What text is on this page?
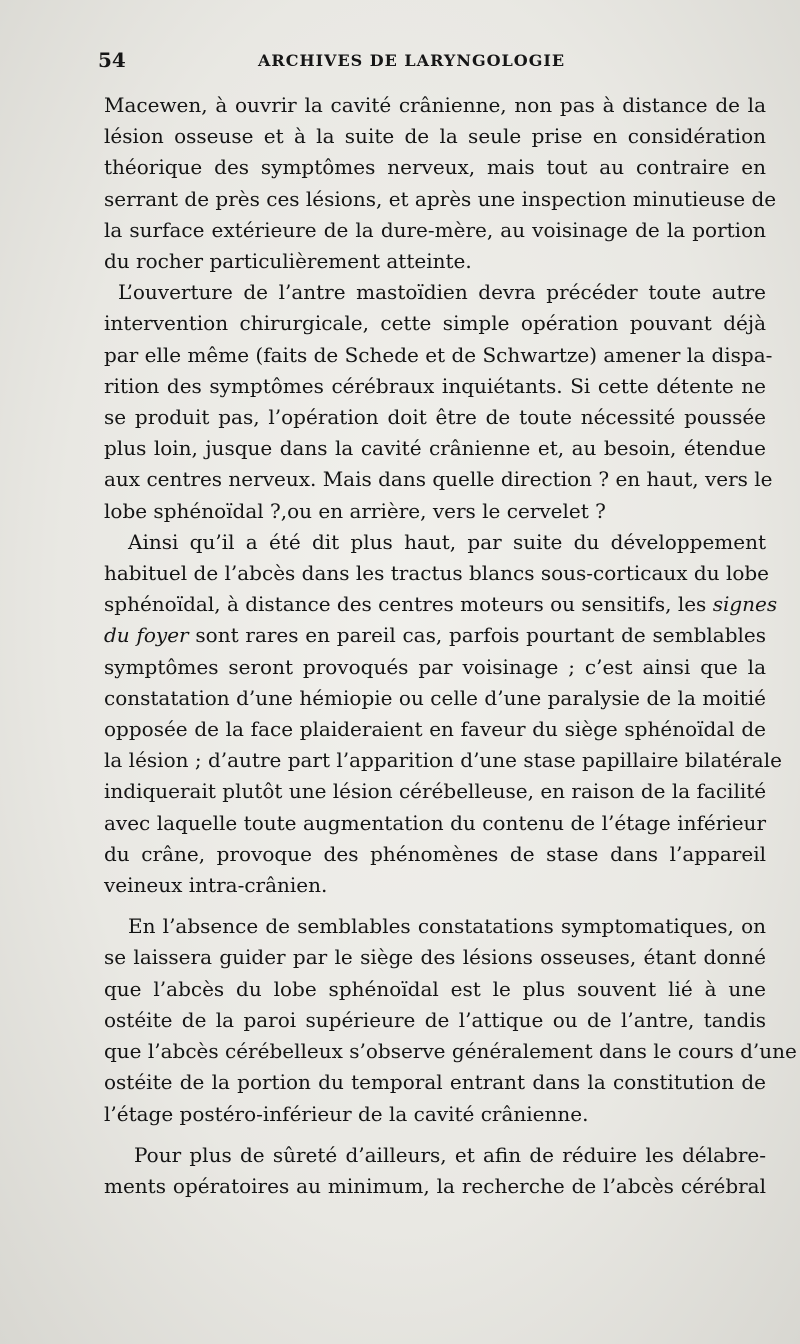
54	ARCHIVES DE LARYNGOLOGIE

Macewen, à ouvrir la cavité crânienne, non pas à distance de la
lésion osseuse et à la suite de la seule prise en considération
théorique des symptômes nerveux, mais tout au contraire en
serrant de près ces lésions, et après une inspection minutieuse de
la surface extérieure de la dure-mère, au voisinage de la portion
du rocher particulièrement atteinte.

L’ouverture de l’antre mastoïdien devra précéder toute autre
intervention chirurgicale, cette simple opération pouvant déjà
par elle même (faits de Schede et de Schwartze) amener la dispa-
rition des symptômes cérébraux inquiétants. Si cette détente ne
se produit pas, l’opération doit être de toute nécessité poussée
plus loin, jusque dans la cavité crânienne et, au besoin, étendue
aux centres nerveux. Mais dans quelle direction ? en haut, vers le
lobe sphénoïdal ?,ou en arrière, vers le cervelet ?

Ainsi qu’il a été dit plus haut, par suite du développement
habituel de l’abcès dans les tractus blancs sous-corticaux du lobe
sphénoïdal, à distance des centres moteurs ou sensitifs, les signes
du foyer sont rares en pareil cas, parfois pourtant de semblables
symptômes seront provoqués par voisinage ; c’est ainsi que la
constatation d’une hémiopie ou celle d’une paralysie de la moitié
opposée de la face plaideraient en faveur du siège sphénoïdal de
la lésion ; d’autre part l’apparition d’une stase papillaire bilatérale
indiquerait plutôt une lésion cérébelleuse, en raison de la facilité
avec laquelle toute augmentation du contenu de l’étage inférieur
du crâne, provoque des phénomènes de stase dans l’appareil
veineux intra-crânien.

En l’absence de semblables constatations symptomatiques, on
se laissera guider par le siège des lésions osseuses, étant donné
que l’abcès du lobe sphénoïdal est le plus souvent lié à une
ostéite de la paroi supérieure de l’attique ou de l’antre, tandis
que l’abcès cérébelleux s’observe généralement dans le cours d’une
ostéite de la portion du temporal entrant dans la constitution de
l’étage postéro-inférieur de la cavité crânienne.

Pour plus de sûreté d’ailleurs, et afin de réduire les délabre-
ments opératoires au minimum, la recherche de l’abcès cérébral
